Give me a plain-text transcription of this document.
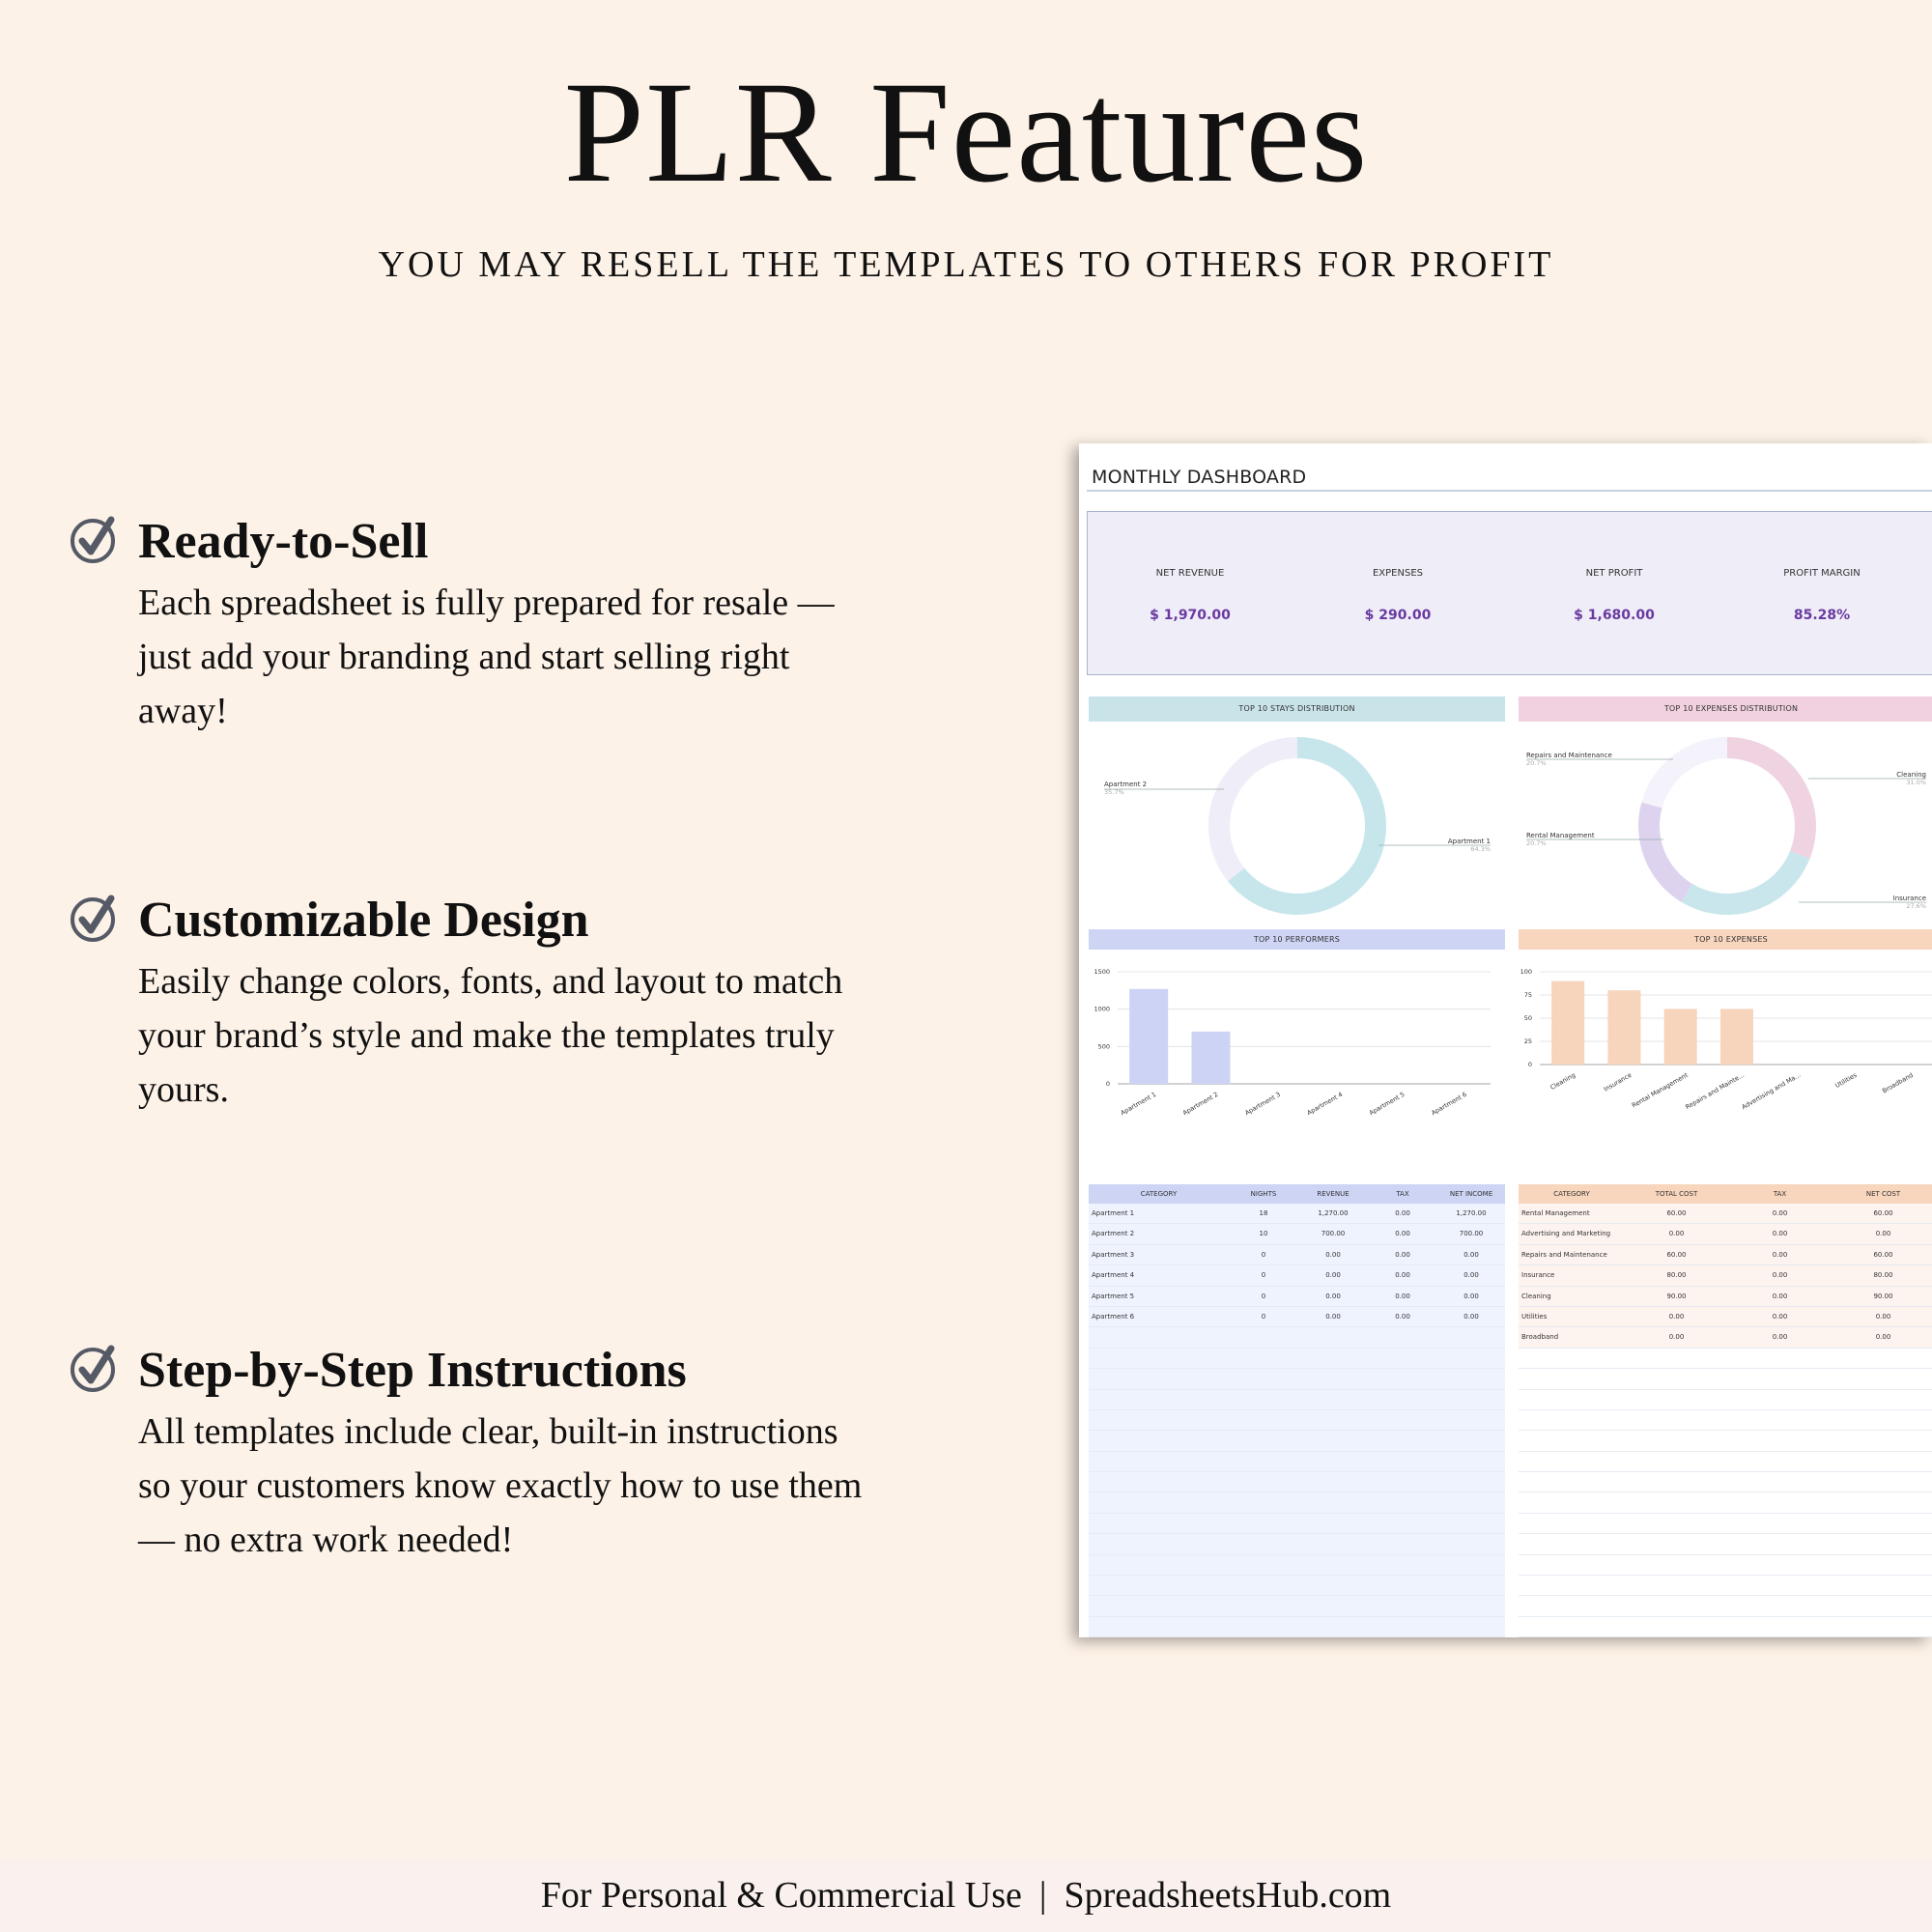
PLR Features
YOU MAY RESELL THE TEMPLATES TO OTHERS FOR PROFIT
Ready-to-Sell

Each spreadsheet is fully prepared for resale —
just add your branding and start selling right
away!

Customizable Design

Easily change colors, fonts, and layout to match
your brand’s style and make the templates truly
yours.

Step-by-Step Instructions

All templates include clear, built-in instructions
so your customers know exactly how to use them
— no extra work needed!

MONTHLY DASHBOARD
NET REVENUE
$ 1,970.00
EXPENSES
$ 290.00
NET PROFIT
$ 1,680.00
PROFIT MARGIN
85.28%
TOP 10 STAYS DISTRIBUTION	TOP 10 EXPENSES DISTRIBUTION
TOP 10 PERFORMERS	TOP 10 EXPENSES
Apartment 2
35.7%
Apartment 1
64.3%
Repairs and Maintenance
20.7%
Cleaning
31.0%
Rental Management
20.7%
Insurance
27.6%
1500
1000
500
0
Apartment 1	Apartment 2	Apartment 3	Apartment 4	Apartment 5	Apartment 6
100
75
50
25
0
Cleaning	Insurance
Rental Management
Repairs and Mainte...
Advertising and Ma...	Utilities	Broadband
CATEGORY	NIGHTS	REVENUE	TAX	NET INCOME
Apartment 1	18	1,270.00	0.00	1,270.00
Apartment 2	10	700.00	0.00	700.00
Apartment 3	0	0.00	0.00	0.00
Apartment 4	0	0.00	0.00	0.00
Apartment 5	0	0.00	0.00	0.00
Apartment 6	0	0.00	0.00	0.00
CATEGORY	TOTAL COST	TAX	NET COST
Rental Management	60.00	0.00	60.00
Advertising and Marketing	0.00	0.00	0.00
Repairs and Maintenance	60.00	0.00	60.00
Insurance	80.00	0.00	80.00
Cleaning	90.00	0.00	90.00
Utilities	0.00	0.00	0.00
Broadband	0.00	0.00	0.00
For Personal & Commercial Use | SpreadsheetsHub.com
